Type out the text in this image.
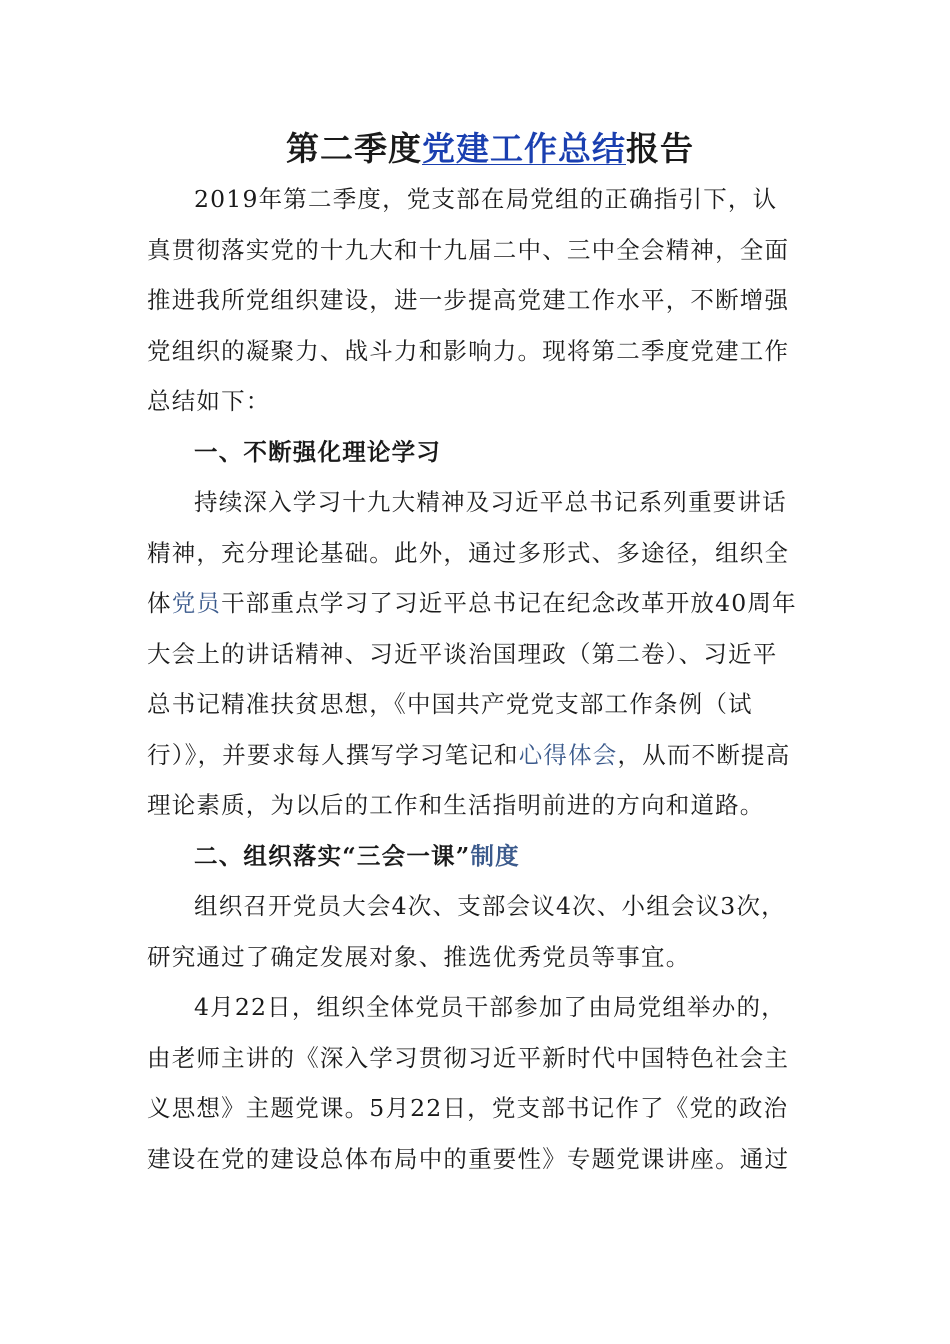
第二季度党建工作总结报告

2019年第二季度，党支部在局党组的正确指引下，认真贯彻落实党的十九大和十九届二中、三中全会精神，全面推进我所党组织建设，进一步提高党建工作水平，不断增强党组织的凝聚力、战斗力和影响力。现将第二季度党建工作总结如下：

一、不断强化理论学习

持续深入学习十九大精神及习近平总书记系列重要讲话精神，充分理论基础。此外，通过多形式、多途径，组织全体党员干部重点学习了习近平总书记在纪念改革开放40周年大会上的讲话精神、习近平谈治国理政（第二卷）、习近平总书记精准扶贫思想，《中国共产党党支部工作条例（试行）》，并要求每人撰写学习笔记和心得体会，从而不断提高理论素质，为以后的工作和生活指明前进的方向和道路。

二、组织落实“三会一课”制度

组织召开党员大会4次、支部会议4次、小组会议3次，研究通过了确定发展对象、推选优秀党员等事宜。

4月22日，组织全体党员干部参加了由局党组举办的，由老师主讲的《深入学习贯彻习近平新时代中国特色社会主义思想》主题党课。5月22日，党支部书记作了《党的政治建设在党的建设总体布局中的重要性》专题党课讲座。通过
